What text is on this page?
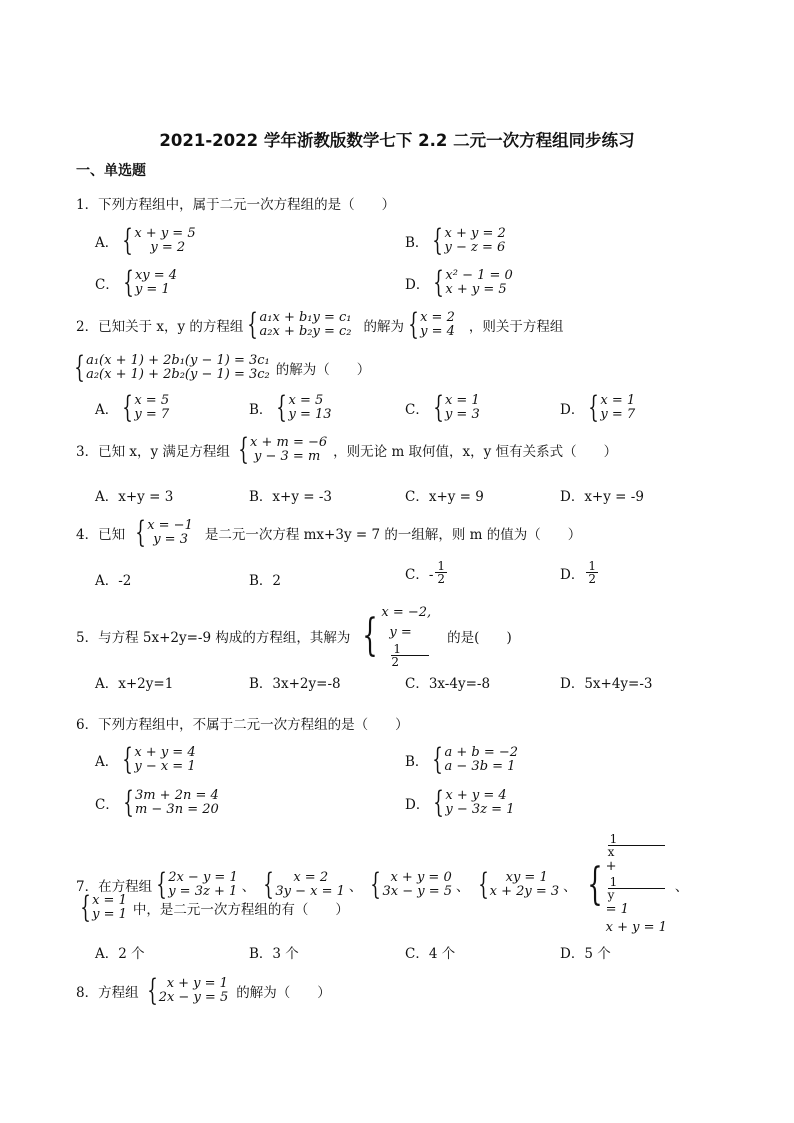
2021-2022 学年浙教版数学七下 2.2 二元一次方程组同步练习
一、单选题
1．下列方程组中，属于二元一次方程组的是（　　）
A． { x + y = 5
y = 2	B． { x + y = 2
y − z = 6
C． { xy = 4
y = 1	D． { x² − 1 = 0
x + y = 5
2．已知关于 x，y 的方程组 { a₁x + b₁y = c₁
a₂x + b₂y = c₂ 的解为 { x = 2
y = 4 ，则关于方程组
{ a₁(x + 1) + 2b₁(y − 1) = 3c₁
a₂(x + 1) + 2b₂(y − 1) = 3c₂ 的解为（　　）
A． { x = 5
y = 7	B． { x = 5
y = 13	C． { x = 1
y = 3	D． { x = 1
y = 7
3．已知 x，y 满足方程组 { x + m = −6
y − 3 = m ，则无论 m 取何值，x，y 恒有关系式（　　）
A．x+y = 3	B．x+y = -3	C．x+y = 9	D．x+y = -9
4．已知 { x = −1
y = 3	是二元一次方程 mx+3y = 7 的一组解，则 m 的值为（　　）
A．-2	B．2	C．- $\frac{1}{2}$	D． $\frac{1}{2}$
5．与方程 5x+2y=-9 构成的方程组，其解为 { x = −2,
y =
1
2
的是(　　)
A．x+2y=1	B．3x+2y=-8	C．3x-4y=-8	D．5x+4y=-3
6．下列方程组中，不属于二元一次方程组的是（　　）
A． { x + y = 4
y − x = 1	B． { a + b = −2
a − 3b = 1
C． { 3m + 2n = 4
m − 3n = 20	D． { x + y = 4
y − 3z = 1
7．在方程组 { 2x − y = 1
y = 3z + 1 、 {	x = 2
3y − x = 1 、 { x + y = 0
3x − y = 5 、 {	xy = 1
x + 2y = 3 、 {
1
x
+
1
y
= 1
x + y = 1
、
{ x = 1
y = 1 中，是二元一次方程组的有（　　）
A．2 个	B．3 个	C．4 个	D．5 个
8．方程组 { x + y = 1
2x − y = 5 的解为（　　）
